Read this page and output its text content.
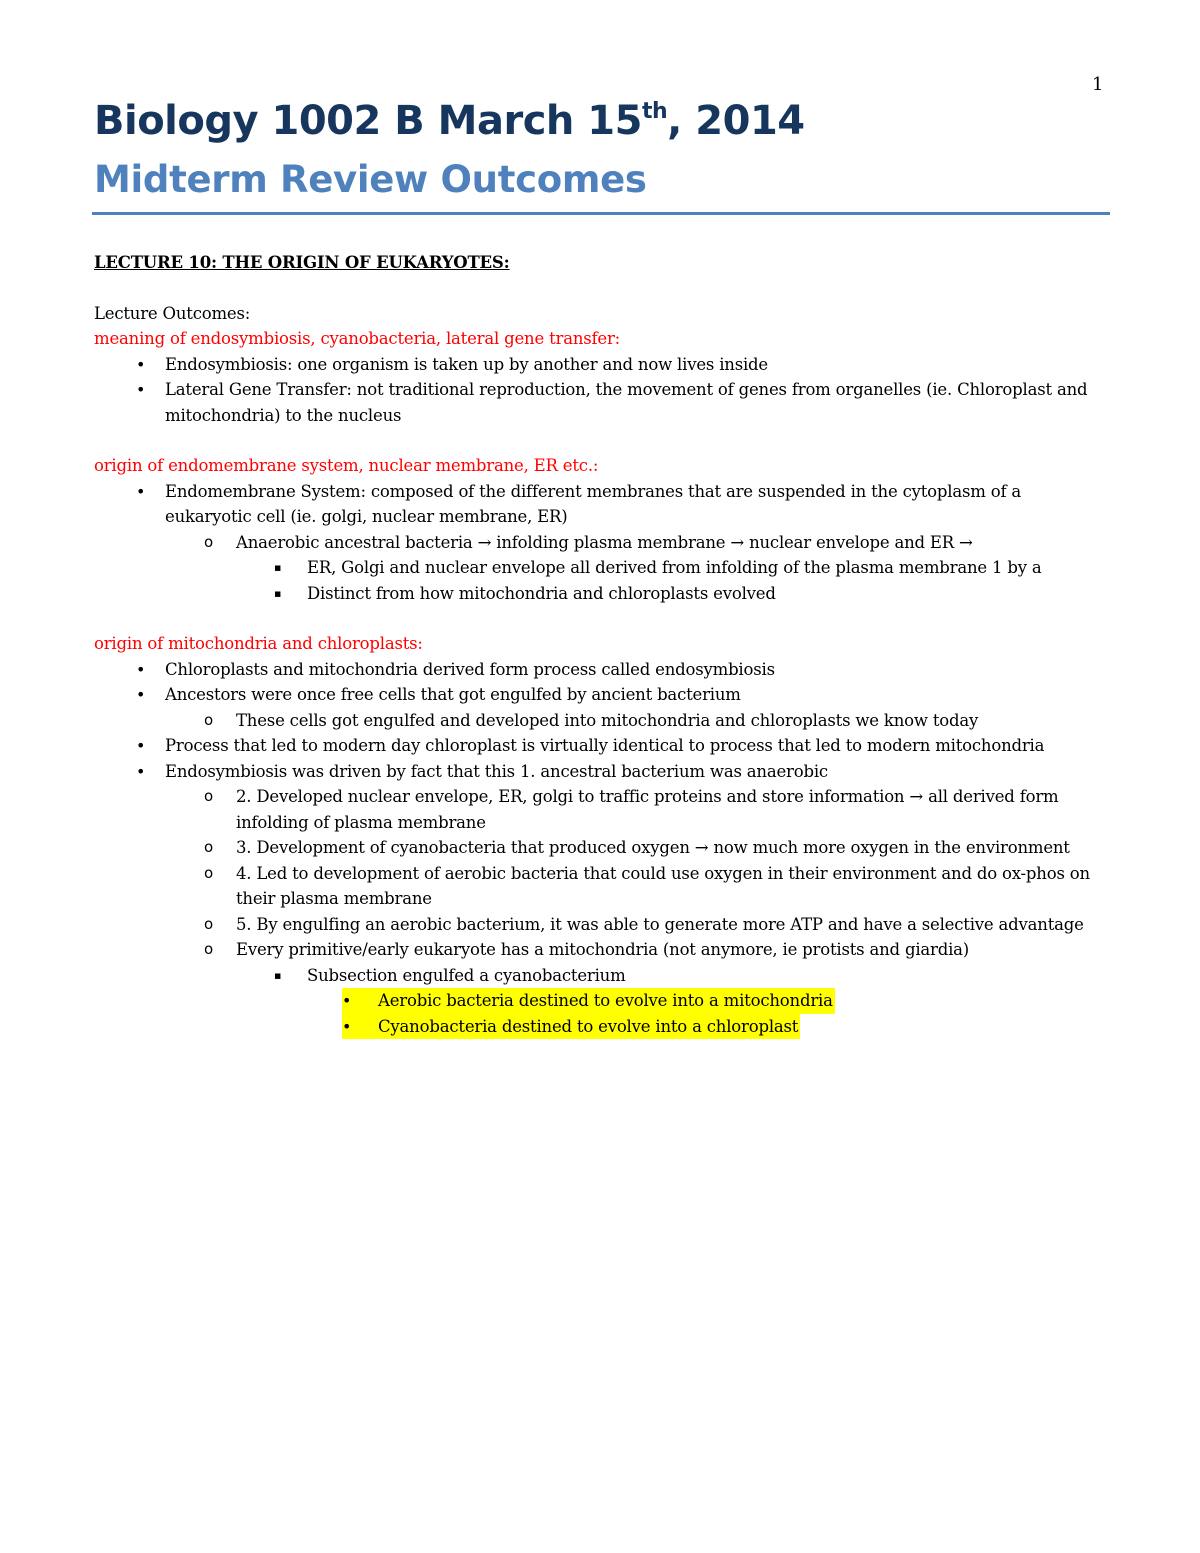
1
Biology 1002 B March 15th, 2014
Midterm Review Outcomes

LECTURE 10: THE ORIGIN OF EUKARYOTES:

Lecture Outcomes:

meaning of endosymbiosis, cyanobacteria, lateral gene transfer:

• Endosymbiosis: one organism is taken up by another and now lives inside
• Lateral Gene Transfer: not traditional reproduction, the movement of genes from organelles (ie. Chloroplast and mitochondria) to the nucleus

origin of endomembrane system, nuclear membrane, ER etc.:

• Endomembrane System: composed of the different membranes that are suspended in the cytoplasm of a eukaryotic cell (ie. golgi, nuclear membrane, ER)
o Anaerobic ancestral bacteria → infolding plasma membrane → nuclear envelope and ER →
▪ ER, Golgi and nuclear envelope all derived from infolding of the plasma membrane 1 by a
▪ Distinct from how mitochondria and chloroplasts evolved

origin of mitochondria and chloroplasts:

• Chloroplasts and mitochondria derived form process called endosymbiosis
• Ancestors were once free cells that got engulfed by ancient bacterium
o These cells got engulfed and developed into mitochondria and chloroplasts we know today
• Process that led to modern day chloroplast is virtually identical to process that led to modern mitochondria
• Endosymbiosis was driven by fact that this 1. ancestral bacterium was anaerobic
o 2. Developed nuclear envelope, ER, golgi to traffic proteins and store information → all derived form infolding of plasma membrane
o 3. Development of cyanobacteria that produced oxygen → now much more oxygen in the environment
o 4. Led to development of aerobic bacteria that could use oxygen in their environment and do ox-phos on their plasma membrane
o 5. By engulfing an aerobic bacterium, it was able to generate more ATP and have a selective advantage
o Every primitive/early eukaryote has a mitochondria (not anymore, ie protists and giardia)
▪ Subsection engulfed a cyanobacterium
• Aerobic bacteria destined to evolve into a mitochondria
• Cyanobacteria destined to evolve into a chloroplast
